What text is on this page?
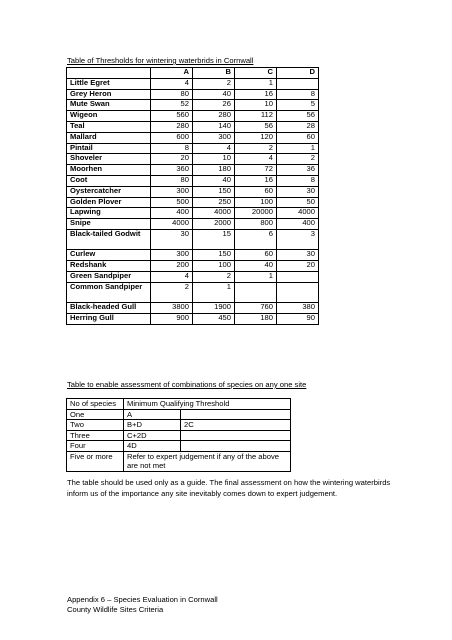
Table of Thresholds for wintering waterbrids in Cornwall
	A	B	C	D
Little Egret	4	2	1	
Grey Heron	80	40	16	8
Mute Swan	52	26	10	5
Wigeon	560	280	112	56
Teal	280	140	56	28
Mallard	600	300	120	60
Pintail	8	4	2	1
Shoveler	20	10	4	2
Moorhen	360	180	72	36
Coot	80	40	16	8
Oystercatcher	300	150	60	30
Golden Plover	500	250	100	50
Lapwing	400	4000	20000	4000
Snipe	4000	2000	800	400
Black-tailed Godwit	30	15	6	3
Curlew	300	150	60	30
Redshank	200	100	40	20
Green Sandpiper	4	2	1	
Common Sandpiper	2	1		
Black-headed Gull	3800	1900	760	380
Herring Gull	900	450	180	90
Table to enable assessment of combinations of species on any one site
No of species	Minimum Qualifying Threshold	
One	A	
Two	B+D	2C
Three	C+2D	
Four	4D	
Five or more	Refer to expert judgement if any of the above are not met	
The table should be used only as a guide. The final assessment on how the wintering waterbirds inform us of the importance any site inevitably comes down to expert judgement.
Appendix 6 – Species Evaluation in Cornwall
County Wildlife Sites Criteria
